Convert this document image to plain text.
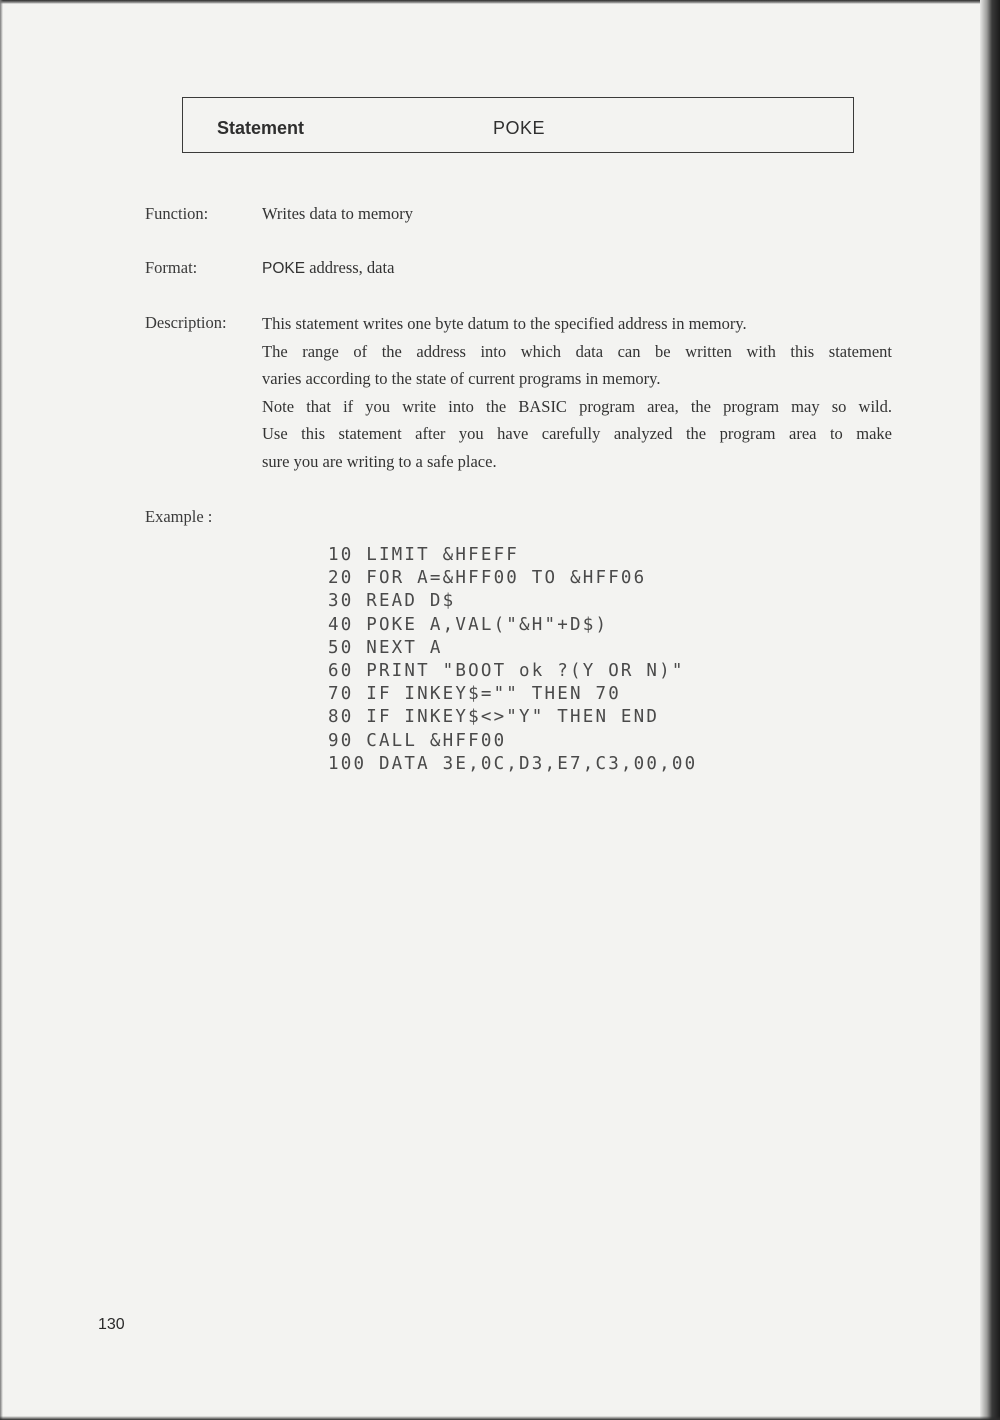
Statement	POKE
Function:	Writes data to memory
Format:	POKE address, data
Description: This statement writes one byte datum to the specified address in memory.
The range of the address into which data can be written with this statement
varies according to the state of current programs in memory.
Note that if you write into the BASIC program area, the program may so wild.
Use this statement after you have carefully analyzed the program area to make
sure you are writing to a safe place.
Example :
10 LIMIT &HFEFF
20 FOR A=&HFF00 TO &HFF06
30 READ D$
40 POKE A,VAL("&H"+D$)
50 NEXT A
60 PRINT "BOOT ok ?(Y OR N)"
70 IF INKEY$="" THEN 70
80 IF INKEY$<>"Y" THEN END
90 CALL &HFF00
100 DATA 3E,0C,D3,E7,C3,00,00
130
